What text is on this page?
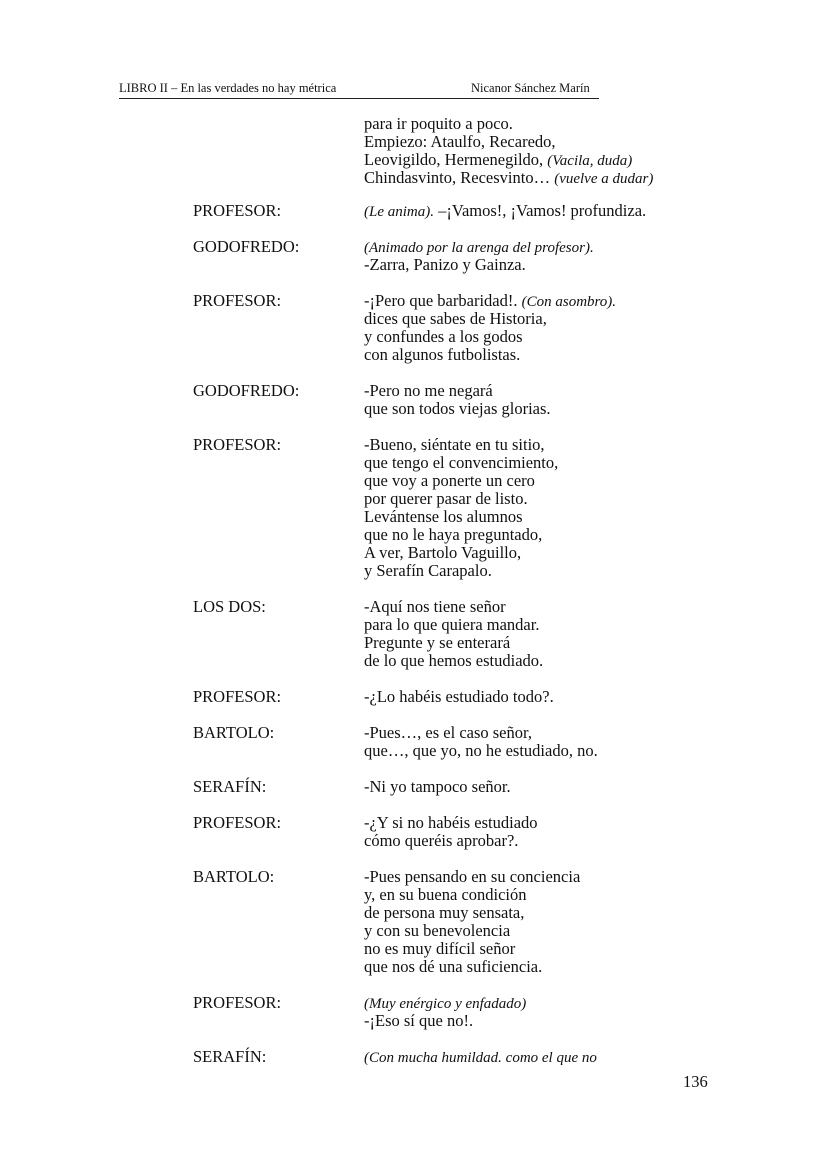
LIBRO II – En las verdades no hay métrica	Nicanor Sánchez Marín
para ir poquito a poco.
Empiezo: Ataulfo, Recaredo,
Leovigildo, Hermenegildo, (Vacila, duda)
Chindasvinto, Recesvinto… (vuelve a dudar)
PROFESOR:	(Le anima). –¡Vamos!, ¡Vamos! profundiza.
GODOFREDO:	(Animado por la arenga del profesor).
-Zarra, Panizo y Gainza.
PROFESOR:	-¡Pero que barbaridad!. (Con asombro).
dices que sabes de Historia,
y confundes a los godos
con algunos futbolistas.
GODOFREDO:	-Pero no me negará
que son todos viejas glorias.
PROFESOR:	-Bueno, siéntate en tu sitio,
que tengo el convencimiento,
que voy a ponerte un cero
por querer pasar de listo.
Levántense los alumnos
que no le haya preguntado,
A ver, Bartolo Vaguillo,
y Serafín Carapalo.
LOS DOS:	-Aquí nos tiene señor
para lo que quiera mandar.
Pregunte y se enterará
de lo que hemos estudiado.
PROFESOR:	-¿Lo habéis estudiado todo?.
BARTOLO:	-Pues…, es el caso señor,
que…, que yo, no he estudiado, no.
SERAFÍN:	-Ni yo tampoco señor.
PROFESOR:	-¿Y si no habéis estudiado
cómo queréis aprobar?.
BARTOLO:	-Pues pensando en su conciencia
y, en su buena condición
de persona muy sensata,
y con su benevolencia
no es muy difícil señor
que nos dé una suficiencia.
PROFESOR:	(Muy enérgico y enfadado)
-¡Eso sí que no!.
SERAFÍN:	(Con mucha humildad. como el que no
136
